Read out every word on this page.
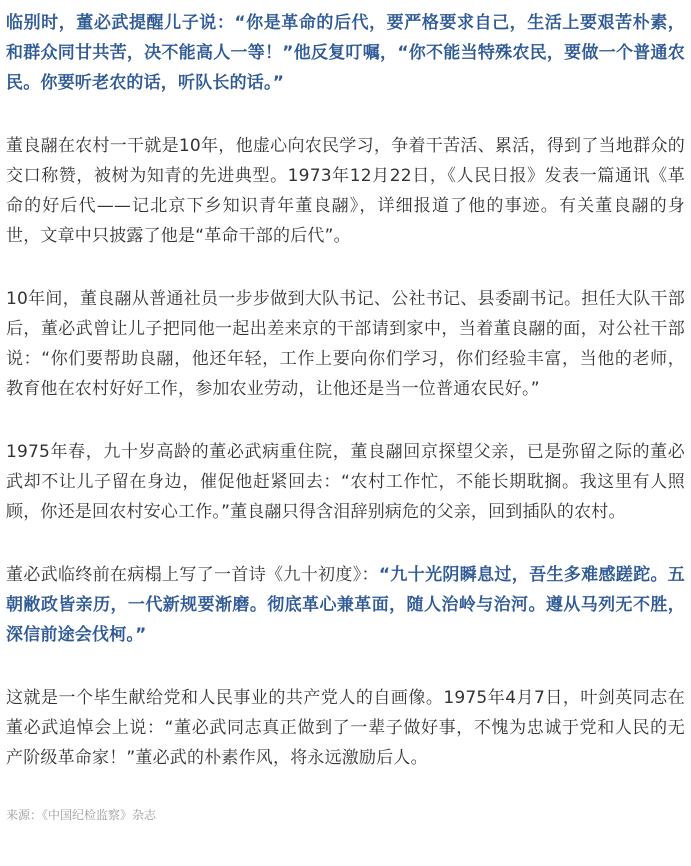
临别时，董必武提醒儿子说：“你是革命的后代，要严格要求自己，生活上要艰苦朴素，和群众同甘共苦，决不能高人一等！”他反复叮嘱，“你不能当特殊农民，要做一个普通农民。你要听老农的话，听队长的话。”

董良翮在农村一干就是10年，他虚心向农民学习，争着干苦活、累活，得到了当地群众的交口称赞，被树为知青的先进典型。1973年12月22日，《人民日报》发表一篇通讯《革命的好后代——记北京下乡知识青年董良翮》，详细报道了他的事迹。有关董良翮的身世，文章中只披露了他是“革命干部的后代”。

10年间，董良翮从普通社员一步步做到大队书记、公社书记、县委副书记。担任大队干部后，董必武曾让儿子把同他一起出差来京的干部请到家中，当着董良翮的面，对公社干部说：“你们要帮助良翮，他还年轻，工作上要向你们学习，你们经验丰富，当他的老师，教育他在农村好好工作，参加农业劳动，让他还是当一位普通农民好。”

1975年春，九十岁高龄的董必武病重住院，董良翮回京探望父亲，已是弥留之际的董必武却不让儿子留在身边，催促他赶紧回去：“农村工作忙，不能长期耽搁。我这里有人照顾，你还是回农村安心工作。”董良翮只得含泪辞别病危的父亲，回到插队的农村。

董必武临终前在病榻上写了一首诗《九十初度》：“九十光阴瞬息过，吾生多难感蹉跎。五朝敝政皆亲历，一代新规要渐磨。彻底革心兼革面，随人治岭与治河。遵从马列无不胜，深信前途会伐柯。”

这就是一个毕生献给党和人民事业的共产党人的自画像。1975年4月7日，叶剑英同志在董必武追悼会上说：“董必武同志真正做到了一辈子做好事，不愧为忠诚于党和人民的无产阶级革命家！”董必武的朴素作风，将永远激励后人。

来源：《中国纪检监察》杂志
